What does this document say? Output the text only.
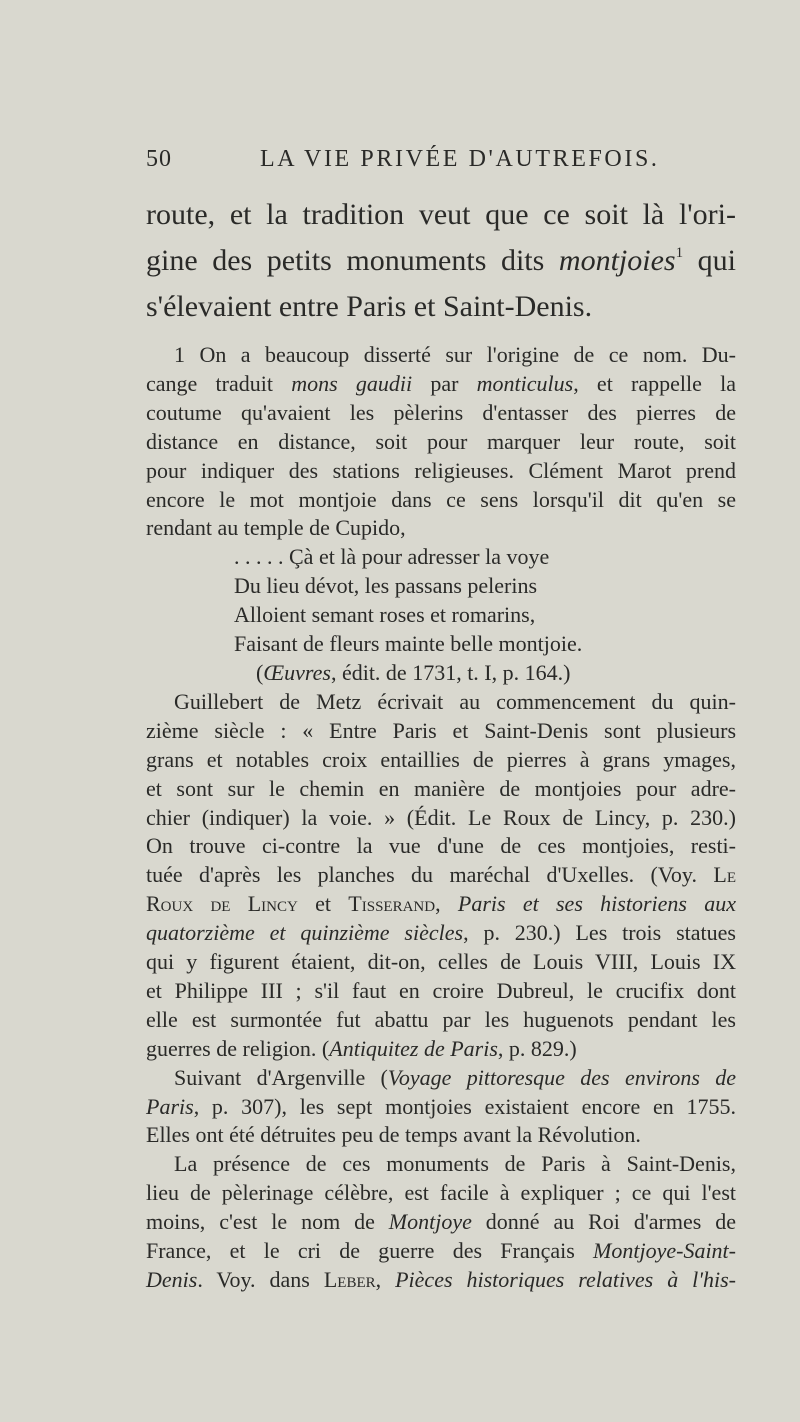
50	LA VIE PRIVÉE D'AUTREFOIS.
route, et la tradition veut que ce soit là l'ori-
gine des petits monuments dits montjoies$^1$ qui
s'élevaient entre Paris et Saint-Denis.
1 On a beaucoup disserté sur l'origine de ce nom. Du-
cange traduit mons gaudii par monticulus, et rappelle la
coutume qu'avaient les pèlerins d'entasser des pierres de
distance en distance, soit pour marquer leur route, soit
pour indiquer des stations religieuses. Clément Marot prend
encore le mot montjoie dans ce sens lorsqu'il dit qu'en se
rendant au temple de Cupido,
. . . . . Çà et là pour adresser la voye
Du lieu dévot, les passans pelerins
Alloient semant roses et romarins,
Faisant de fleurs mainte belle montjoie.
(Œuvres, édit. de 1731, t. I, p. 164.)
Guillebert de Metz écrivait au commencement du quin-
zième siècle : « Entre Paris et Saint-Denis sont plusieurs
grans et notables croix entaillies de pierres à grans ymages,
et sont sur le chemin en manière de montjoies pour adre-
chier (indiquer) la voie. » (Édit. Le Roux de Lincy, p. 230.)
On trouve ci-contre la vue d'une de ces montjoies, resti-
tuée d'après les planches du maréchal d'Uxelles. (Voy. Le
Roux de Lincy et Tisserand, Paris et ses historiens aux
quatorzième et quinzième siècles, p. 230.) Les trois statues
qui y figurent étaient, dit-on, celles de Louis VIII, Louis IX
et Philippe III ; s'il faut en croire Dubreul, le crucifix dont
elle est surmontée fut abattu par les huguenots pendant les
guerres de religion. (Antiquitez de Paris, p. 829.)
Suivant d'Argenville (Voyage pittoresque des environs de
Paris, p. 307), les sept montjoies existaient encore en 1755.
Elles ont été détruites peu de temps avant la Révolution.
La présence de ces monuments de Paris à Saint-Denis,
lieu de pèlerinage célèbre, est facile à expliquer ; ce qui l'est
moins, c'est le nom de Montjoye donné au Roi d'armes de
France, et le cri de guerre des Français Montjoye-Saint-
Denis. Voy. dans Leber, Pièces historiques relatives à l'his-
